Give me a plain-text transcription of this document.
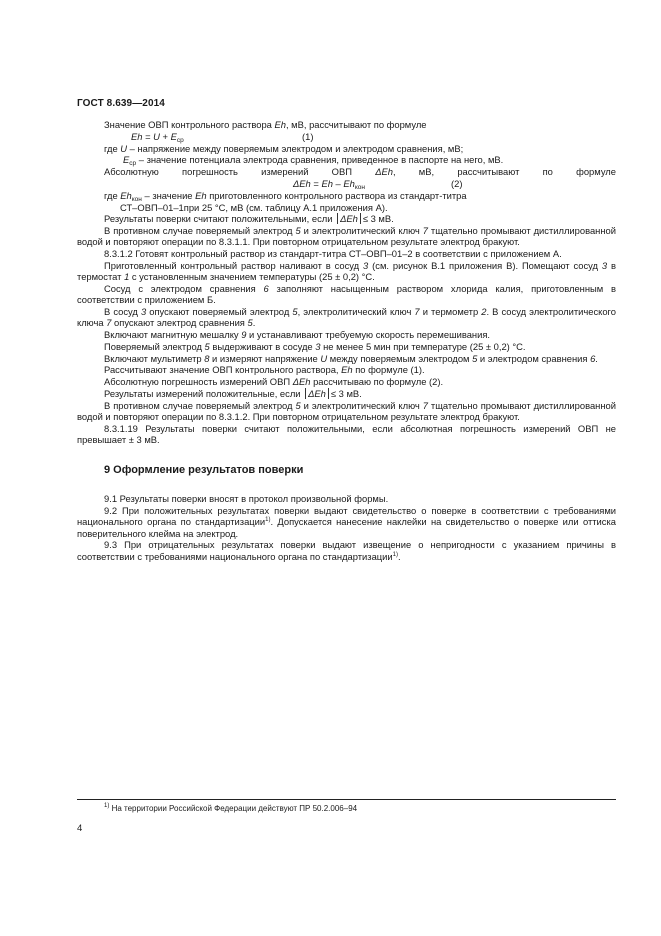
ГОСТ 8.639—2014
Значение ОВП контрольного раствора Eh, мВ, рассчитывают по формуле
$Eh = U + E_{ср}$	(1)
где U – напряжение между поверяемым электродом и электродом сравнения, мВ;
$E_{ср}$ – значение потенциала электрода сравнения, приведенное в паспорте на него, мВ.
Абсолютную погрешность измерений ОВП ΔEh, мВ, рассчитывают по формуле
$\Delta Eh = Eh - Eh_{кон}$	(2)
где $Eh_{кон}$ – значение Eh приготовленного контрольного раствора из стандарт-титра
СТ–ОВП–01–1при 25 °С, мВ (см. таблицу А.1 приложения А).
Результаты поверки считают положительными, если ΔEh ≤ 3 мВ.
В противном случае поверяемый электрод 5 и электролитический ключ 7 тщательно промывают дистиллированной водой и повторяют операции по 8.3.1.1. При повторном отрицательном результате электрод бракуют.
8.3.1.2 Готовят контрольный раствор из стандарт-титра СТ–ОВП–01–2 в соответствии с приложением А.
Приготовленный контрольный раствор наливают в сосуд 3 (см. рисунок В.1 приложения В). Помещают сосуд 3 в термостат 1 с установленным значением температуры (25 ± 0,2) °С.
Сосуд с электродом сравнения 6 заполняют насыщенным раствором хлорида калия, приготовленным в соответствии с приложением Б.
В сосуд 3 опускают поверяемый электрод 5, электролитический ключ 7 и термометр 2. В сосуд электролитического ключа 7 опускают электрод сравнения 5.
Включают магнитную мешалку 9 и устанавливают требуемую скорость перемешивания.
Поверяемый электрод 5 выдерживают в сосуде 3 не менее 5 мин при температуре (25 ± 0,2) °С.
Включают мультиметр 8 и измеряют напряжение U между поверяемым электродом 5 и электродом сравнения 6.
Рассчитывают значение ОВП контрольного раствора, Eh по формуле (1).
Абсолютную погрешность измерений ОВП ΔEh рассчитываю по формуле (2).
Результаты измерений положительные, если ΔEh ≤ 3 мВ.
В противном случае поверяемый электрод 5 и электролитический ключ 7 тщательно промывают дистиллированной водой и повторяют операции по 8.3.1.2. При повторном отрицательном результате электрод бракуют.
8.3.1.19 Результаты поверки считают положительными, если абсолютная погрешность измерений ОВП не превышает ± 3 мВ.
9 Оформление результатов поверки
9.1 Результаты поверки вносят в протокол произвольной формы.
9.2 При положительных результатах поверки выдают свидетельство о поверке в соответствии с требованиями национального органа по стандартизации$^{1)}$. Допускается нанесение наклейки на свидетельство о поверке или оттиска поверительного клейма на электрод.
9.3 При отрицательных результатах поверки выдают извещение о непригодности с указанием причины в соответствии с требованиями национального органа по стандартизации$^{1)}$.
$^{1)}$ На территории Российской Федерации действуют ПР 50.2.006–94
4
